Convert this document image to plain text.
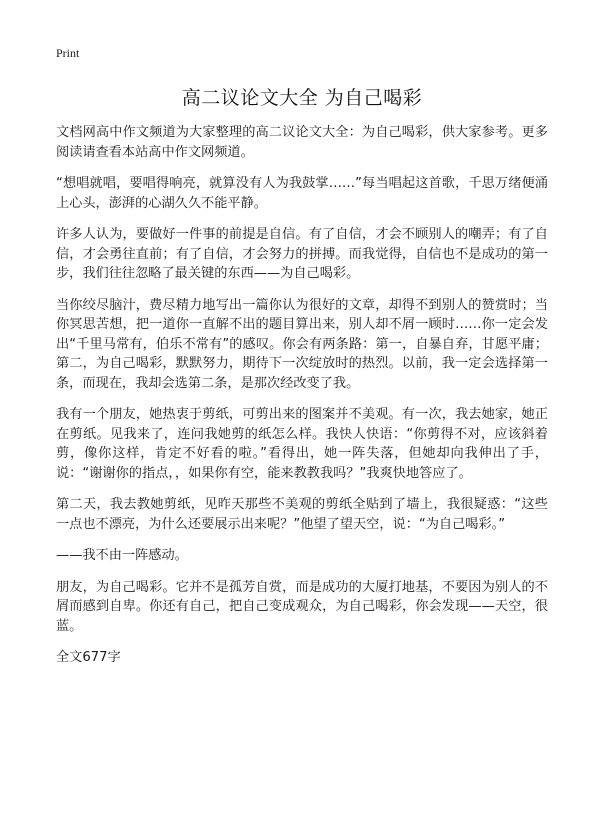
Print
高二议论文大全 为自己喝彩

文档网高中作文频道为大家整理的高二议论文大全：为自己喝彩，供大家参考。更多阅读请查看本站高中作文网频道。

“想唱就唱，要唱得响亮，就算没有人为我鼓掌……”每当唱起这首歌，千思万绪便涌上心头，澎湃的心湖久久不能平静。

许多人认为，要做好一件事的前提是自信。有了自信，才会不顾别人的嘲弄；有了自信，才会勇往直前；有了自信，才会努力的拼搏。而我觉得，自信也不是成功的第一步，我们往往忽略了最关键的东西——为自己喝彩。

当你绞尽脑汁，费尽精力地写出一篇你认为很好的文章，却得不到别人的赞赏时；当你冥思苦想，把一道你一直解不出的题目算出来，别人却不屑一顾时……你一定会发出“千里马常有，伯乐不常有”的感叹。你会有两条路：第一，自暴自弃，甘愿平庸；第二，为自己喝彩，默默努力，期待下一次绽放时的热烈。以前，我一定会选择第一条，而现在，我却会选第二条，是那次经改变了我。

我有一个朋友，她热衷于剪纸，可剪出来的图案并不美观。有一次，我去她家，她正在剪纸。见我来了，连问我她剪的纸怎么样。我快人快语：“你剪得不对，应该斜着剪，像你这样，肯定不好看的啦。”看得出，她一阵失落，但她却向我伸出了手，说：“谢谢你的指点，，如果你有空，能来教教我吗？”我爽快地答应了。

第二天，我去教她剪纸，见昨天那些不美观的剪纸全贴到了墙上，我很疑惑：“这些一点也不漂亮，为什么还要展示出来呢？”他望了望天空，说：“为自己喝彩。”

——我不由一阵感动。

朋友，为自己喝彩。它并不是孤芳自赏，而是成功的大厦打地基，不要因为别人的不屑而感到自卑。你还有自己，把自己变成观众，为自己喝彩，你会发现——天空，很蓝。

全文677字
